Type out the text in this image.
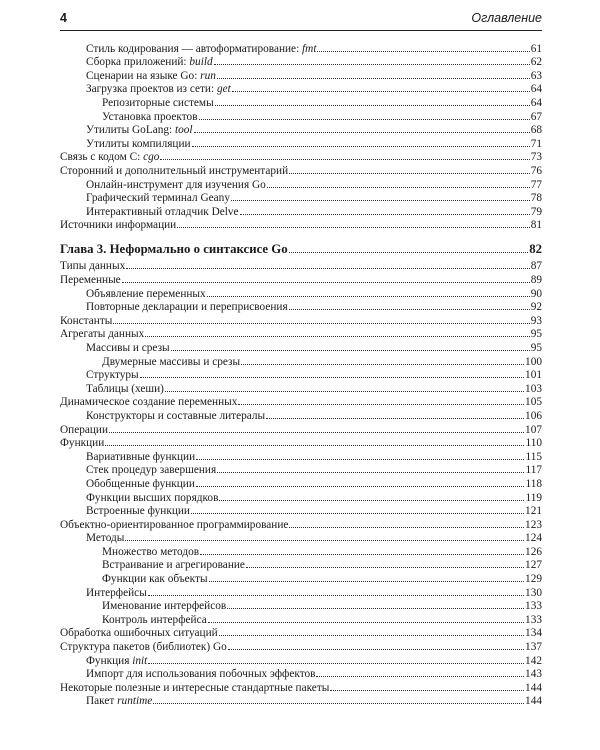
4	Оглавление
Стиль кодирования — автоформатирование: fmt	61
Сборка приложений: build	62
Сценарии на языке Go: run	63
Загрузка проектов из сети: get	64
Репозиторные системы	64
Установка проектов	67
Утилиты GoLang: tool	68
Утилиты компиляции	71
Связь с кодом С: cgo	73
Сторонний и дополнительный инструментарий	76
Онлайн-инструмент для изучения Go	77
Графический терминал Geany	78
Интерактивный отладчик Delve	79
Источники информации	81
Глава 3. Неформально о синтаксисе Go	82
Типы данных	87
Переменные	89
Объявление переменных	90
Повторные декларации и переприсвоения	92
Константы	93
Агрегаты данных	95
Массивы и срезы	95
Двумерные массивы и срезы	100
Структуры	101
Таблицы (хеши)	103
Динамическое создание переменных	105
Конструкторы и составные литералы	106
Операции	107
Функции	110
Вариативные функции	115
Стек процедур завершения	117
Обобщенные функции	118
Функции высших порядков	119
Встроенные функции	121
Объектно-ориентированное программирование	123
Методы	124
Множество методов	126
Встраивание и агрегирование	127
Функции как объекты	129
Интерфейсы	130
Именование интерфейсов	133
Контроль интерфейса	133
Обработка ошибочных ситуаций	134
Структура пакетов (библиотек) Go	137
Функция init	142
Импорт для использования побочных эффектов	143
Некоторые полезные и интересные стандартные пакеты	144
Пакет runtime	144
